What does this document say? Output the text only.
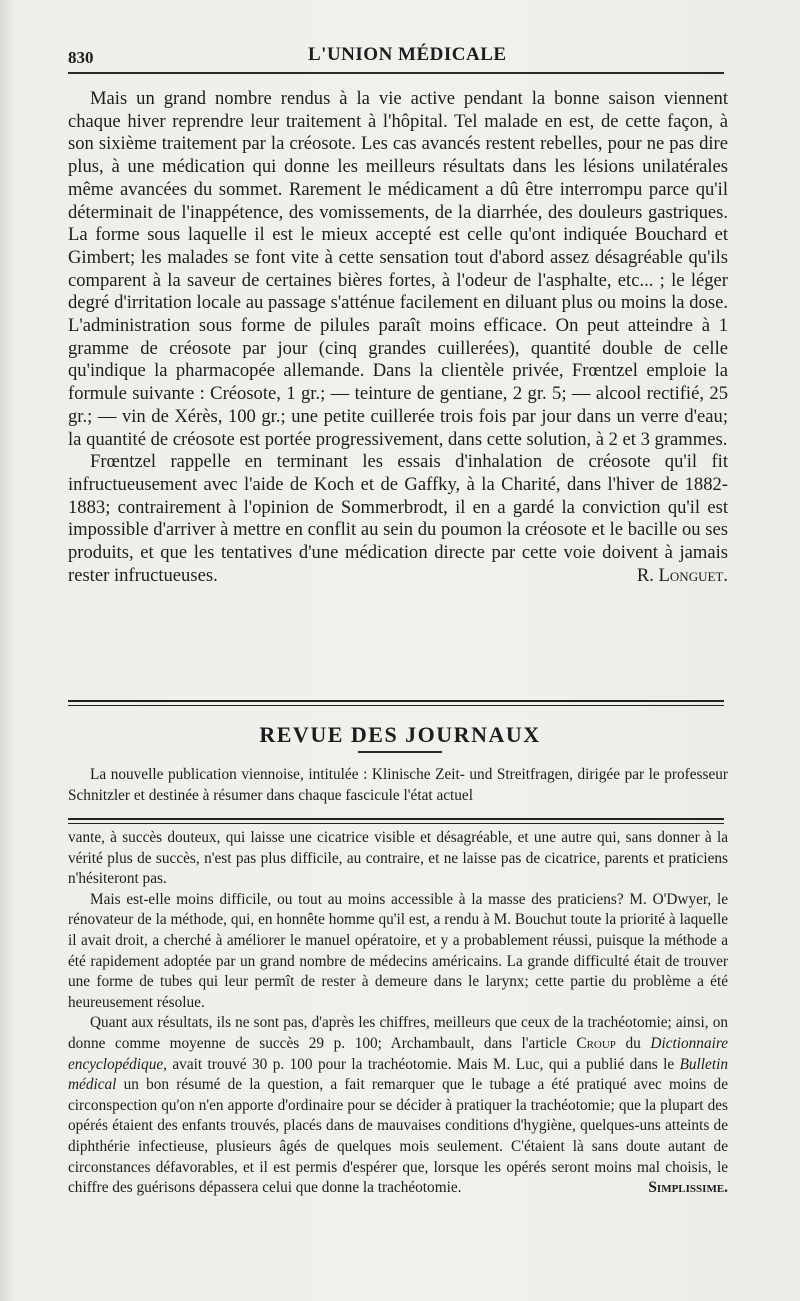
830	L'UNION MÉDICALE

Mais un grand nombre rendus à la vie active pendant la bonne saison viennent chaque hiver reprendre leur traitement à l'hôpital. Tel malade en est, de cette façon, à son sixième traitement par la créosote. Les cas avancés restent rebelles, pour ne pas dire plus, à une médication qui donne les meilleurs résultats dans les lésions unilatérales même avancées du sommet. Rarement le médicament a dû être interrompu parce qu'il déterminait de l'inappétence, des vomissements, de la diarrhée, des douleurs gastriques. La forme sous laquelle il est le mieux accepté est celle qu'ont indiquée Bouchard et Gimbert; les malades se font vite à cette sensation tout d'abord assez désagréable qu'ils comparent à la saveur de certaines bières fortes, à l'odeur de l'asphalte, etc... ; le léger degré d'irritation locale au passage s'atténue facilement en diluant plus ou moins la dose. L'administration sous forme de pilules paraît moins efficace. On peut atteindre à 1 gramme de créosote par jour (cinq grandes cuillerées), quantité double de celle qu'indique la pharmacopée allemande. Dans la clientèle privée, Frœntzel emploie la formule suivante : Créosote, 1 gr.; — teinture de gentiane, 2 gr. 5; — alcool rectifié, 25 gr.; — vin de Xérès, 100 gr.; une petite cuillerée trois fois par jour dans un verre d'eau; la quantité de créosote est portée progressivement, dans cette solution, à 2 et 3 grammes.

Frœntzel rappelle en terminant les essais d'inhalation de créosote qu'il fit infructueusement avec l'aide de Koch et de Gaffky, à la Charité, dans l'hiver de 1882-1883; contrairement à l'opinion de Sommerbrodt, il en a gardé la conviction qu'il est impossible d'arriver à mettre en conflit au sein du poumon la créosote et le bacille ou ses produits, et que les tentatives d'une médication directe par cette voie doivent à jamais rester infructueuses.	R. Longuet.
REVUE DES JOURNAUX

La nouvelle publication viennoise, intitulée : Klinische Zeit- und Streitfragen, dirigée par le professeur Schnitzler et destinée à résumer dans chaque fascicule l'état actuel

vante, à succès douteux, qui laisse une cicatrice visible et désagréable, et une autre qui, sans donner à la vérité plus de succès, n'est pas plus difficile, au contraire, et ne laisse pas de cicatrice, parents et praticiens n'hésiteront pas.

Mais est-elle moins difficile, ou tout au moins accessible à la masse des praticiens? M. O'Dwyer, le rénovateur de la méthode, qui, en honnête homme qu'il est, a rendu à M. Bouchut toute la priorité à laquelle il avait droit, a cherché à améliorer le manuel opératoire, et y a probablement réussi, puisque la méthode a été rapidement adoptée par un grand nombre de médecins américains. La grande difficulté était de trouver une forme de tubes qui leur permît de rester à demeure dans le larynx; cette partie du problème a été heureusement résolue.

Quant aux résultats, ils ne sont pas, d'après les chiffres, meilleurs que ceux de la trachéotomie; ainsi, on donne comme moyenne de succès 29 p. 100; Archambault, dans l'article Croup du Dictionnaire encyclopédique, avait trouvé 30 p. 100 pour la trachéotomie. Mais M. Luc, qui a publié dans le Bulletin médical un bon résumé de la question, a fait remarquer que le tubage a été pratiqué avec moins de circonspection qu'on n'en apporte d'ordinaire pour se décider à pratiquer la trachéotomie; que la plupart des opérés étaient des enfants trouvés, placés dans de mauvaises conditions d'hygiène, quelques-uns atteints de diphthérie infectieuse, plusieurs âgés de quelques mois seulement. C'étaient là sans doute autant de circonstances défavorables, et il est permis d'espérer que, lorsque les opérés seront moins mal choisis, le chiffre des guérisons dépassera celui que donne la trachéotomie.	Simplissime.
